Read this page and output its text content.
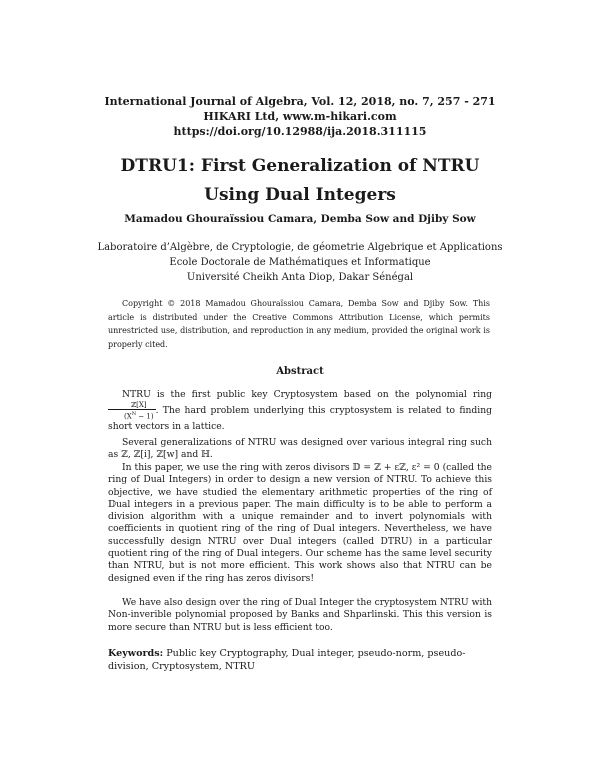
International Journal of Algebra, Vol. 12, 2018, no. 7, 257 - 271
HIKARI Ltd, www.m-hikari.com
https://doi.org/10.12988/ija.2018.311115
DTRU1: First Generalization of NTRU
Using Dual Integers
Mamadou Ghouraïssiou Camara, Demba Sow and Djiby Sow
Laboratoire d’Algèbre, de Cryptologie, de géometrie Algebrique et Applications
Ecole Doctorale de Mathématiques et Informatique
Université Cheikh Anta Diop, Dakar Sénégal
Copyright © 2018 Mamadou Ghouraïssiou Camara, Demba Sow and Djiby Sow. This article is distributed under the Creative Commons Attribution License, which permits unrestricted use, distribution, and reproduction in any medium, provided the original work is properly cited.
Abstract

NTRU is the first public key Cryptosystem based on the polynomial ring
$\frac{\text{ℤ[X]}}{(X^N - 1)}$ . The hard problem underlying this cryptosystem is related to finding short vectors in a lattice.

Several generalizations of NTRU was designed over various integral ring such as ℤ, ℤ[i], ℤ[w] and ℍ.

In this paper, we use the ring with zeros divisors 𝔻 = ℤ + εℤ, ε² = 0 (called the ring of Dual Integers) in order to design a new version of NTRU. To achieve this objective, we have studied the elementary arithmetic properties of the ring of 𝔻ual integers in a previous paper. The main difficulty is to be able to perform a division algorithm with a unique remainder and to invert polynomials with coefficients in quotient ring of the ring of Dual integers. Nevertheless, we have successfully design NTRU over Dual integers (called DTRU) in a particular quotient ring of the ring of Dual integers. Our scheme has the same level security than NTRU, but is not more efficient. This work shows also that NTRU can be designed even if the ring has zeros divisors!

We have also design over the ring of Dual Integer the cryptosystem NTRU with Non-inverible polynomial proposed by Banks and Shparlinski. This this version is more secure than NTRU but is less efficient too.

Keywords: Public key Cryptography, Dual integer, pseudo-norm, pseudo-division, Cryptosystem, NTRU
